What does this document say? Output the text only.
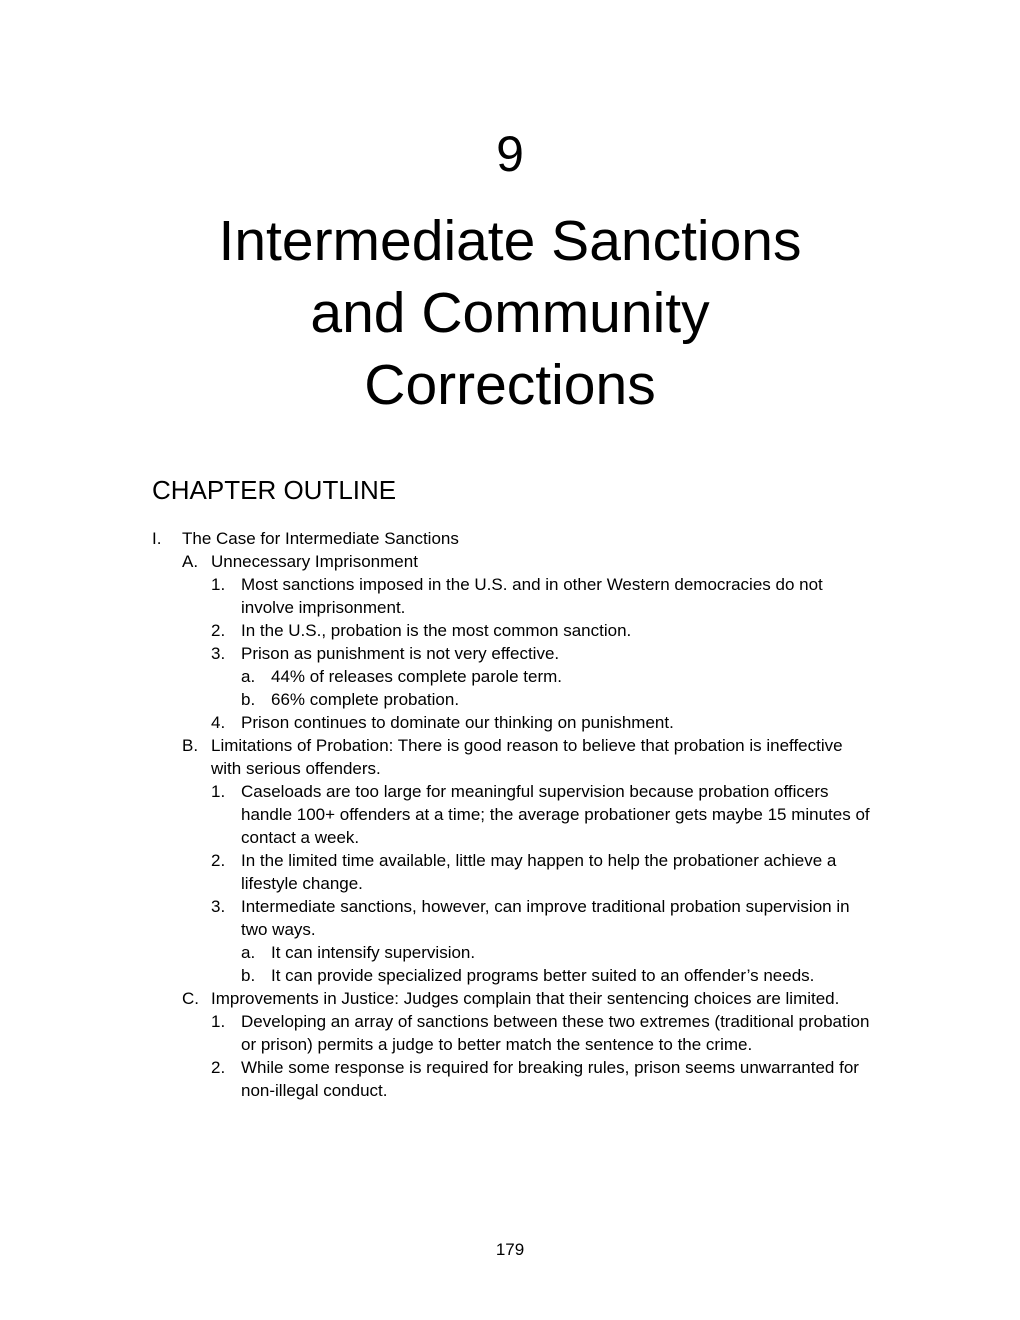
9
Intermediate Sanctions
and Community
Corrections
CHAPTER OUTLINE
I. The Case for Intermediate Sanctions
A. Unnecessary Imprisonment
1. Most sanctions imposed in the U.S. and in other Western democracies do not involve imprisonment.
2. In the U.S., probation is the most common sanction.
3. Prison as punishment is not very effective.
a. 44% of releases complete parole term.
b. 66% complete probation.
4. Prison continues to dominate our thinking on punishment.
B. Limitations of Probation: There is good reason to believe that probation is ineffective with serious offenders.
1. Caseloads are too large for meaningful supervision because probation officers handle 100+ offenders at a time; the average probationer gets maybe 15 minutes of contact a week.
2. In the limited time available, little may happen to help the probationer achieve a lifestyle change.
3. Intermediate sanctions, however, can improve traditional probation supervision in two ways.
a. It can intensify supervision.
b. It can provide specialized programs better suited to an offender’s needs.
C. Improvements in Justice: Judges complain that their sentencing choices are limited.
1. Developing an array of sanctions between these two extremes (traditional probation or prison) permits a judge to better match the sentence to the crime.
2. While some response is required for breaking rules, prison seems unwarranted for non-illegal conduct.
179
